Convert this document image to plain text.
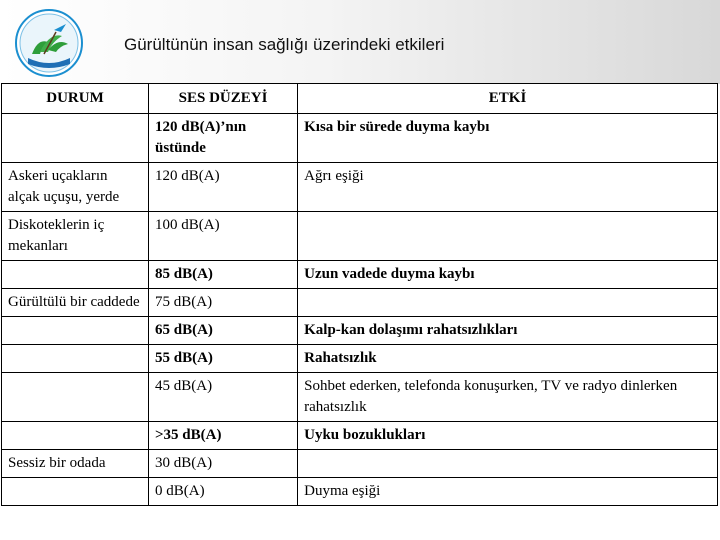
Gürültünün insan sağlığı üzerindeki etkileri
DURUM	SES DÜZEYİ	ETKİ
	120 dB(A)’nın üstünde	Kısa bir sürede duyma kaybı
Askeri uçakların alçak uçuşu, yerde	120 dB(A)	Ağrı eşiği
Diskoteklerin iç mekanları	100 dB(A)	
	85 dB(A)	Uzun vadede duyma kaybı
Gürültülü bir caddede	75 dB(A)	
	65 dB(A)	Kalp-kan dolaşımı rahatsızlıkları
	55 dB(A)	Rahatsızlık
	45 dB(A)	Sohbet ederken, telefonda konuşurken, TV ve radyo dinlerken rahatsızlık
	>35 dB(A)	Uyku bozuklukları
Sessiz bir odada	30 dB(A)	
	0 dB(A)	Duyma eşiği
